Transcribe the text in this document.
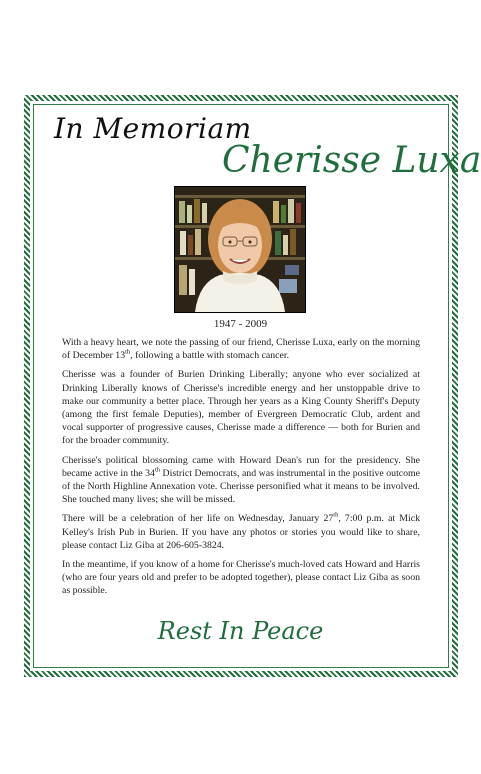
In Memoriam
Cherisse Luxa
1947 - 2009

With a heavy heart, we note the passing of our friend, Cherisse Luxa, early on the morning of December 13th, following a battle with stomach cancer.

Cherisse was a founder of Burien Drinking Liberally; anyone who ever socialized at Drinking Liberally knows of Cherisse's incredible energy and her unstoppable drive to make our community a better place. Through her years as a King County Sheriff's Deputy (among the first female Deputies), member of Evergreen Democratic Club, ardent and vocal supporter of progressive causes, Cherisse made a difference — both for Burien and for the broader community.

Cherisse's political blossoming came with Howard Dean's run for the presidency. She became active in the 34th District Democrats, and was instrumental in the positive outcome of the North Highline Annexation vote. Cherisse personified what it means to be involved. She touched many lives; she will be missed.

There will be a celebration of her life on Wednesday, January 27th, 7:00 p.m. at Mick Kelley's Irish Pub in Burien. If you have any photos or stories you would like to share, please contact Liz Giba at 206-605-3824.

In the meantime, if you know of a home for Cherisse's much-loved cats Howard and Harris (who are four years old and prefer to be adopted together), please contact Liz Giba as soon as possible.

Rest In Peace
